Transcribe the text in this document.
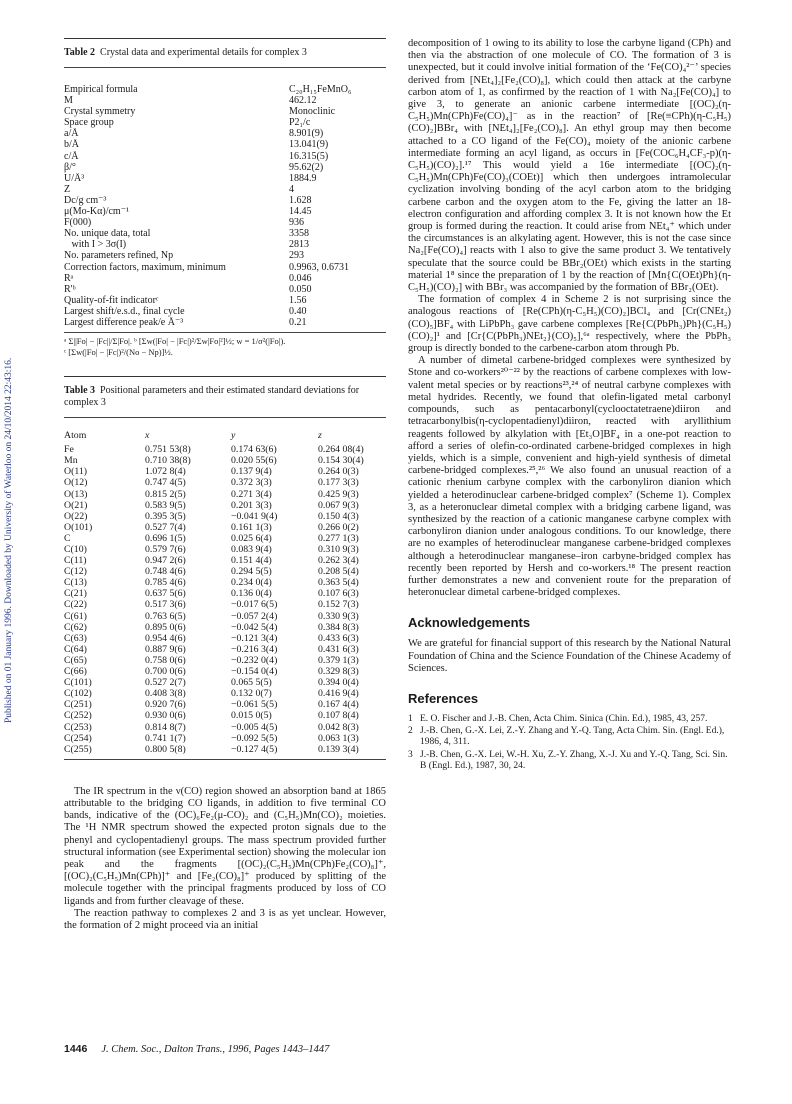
Published on 01 January 1996. Downloaded by University of Waterloo on 24/10/2014 22:43:16.
Table 2 Crystal data and experimental details for complex 3
Empirical formula	C₂₀H₁₅FeMnO₆
M	462.12
Crystal symmetry	Monoclinic
Space group	P2₁/c
a/Å	8.901(9)
b/Å	13.041(9)
c/Å	16.315(5)
β/°	95.62(2)
U/Å³	1884.9
Z	4
Dc/g cm⁻³	1.628
μ(Mo-Kα)/cm⁻¹	14.45
F(000)	936
No. unique data, total	3358
with I > 3σ(I)	2813
No. parameters refined, Np	293
Correction factors, maximum, minimum	0.9963, 0.6731
Rᵃ	0.046
R'ᵇ	0.050
Quality-of-fit indicatorᶜ	1.56
Largest shift/e.s.d., final cycle	0.40
Largest difference peak/e Å⁻³	0.21
ᵃ Σ||Fo| − |Fc||/Σ|Fo|. ᵇ [Σw(|Fo| − |Fc|)²/Σw|Fo|²]½; w = 1/σ²(|Fo|).
ᶜ [Σw(|Fo| − |Fc|)²/(No − Np)]½.
Table 3 Positional parameters and their estimated standard deviations for complex 3
Atom	x	y	z
Fe	0.751 53(8)	0.174 63(6)	0.264 08(4)
Mn	0.710 38(8)	0.020 55(6)	0.154 30(4)
O(11)	1.072 8(4)	0.137 9(4)	0.264 0(3)
O(12)	0.747 4(5)	0.372 3(3)	0.177 3(3)
O(13)	0.815 2(5)	0.271 3(4)	0.425 9(3)
O(21)	0.583 9(5)	0.201 3(3)	0.067 9(3)
O(22)	0.395 3(5)	−0.041 9(4)	0.150 4(3)
O(101)	0.527 7(4)	0.161 1(3)	0.266 0(2)
C	0.696 1(5)	0.025 6(4)	0.277 1(3)
C(10)	0.579 7(6)	0.083 9(4)	0.310 9(3)
C(11)	0.947 2(6)	0.151 4(4)	0.262 3(4)
C(12)	0.748 4(6)	0.294 5(5)	0.208 5(4)
C(13)	0.785 4(6)	0.234 0(4)	0.363 5(4)
C(21)	0.637 5(6)	0.136 0(4)	0.107 6(3)
C(22)	0.517 3(6)	−0.017 6(5)	0.152 7(3)
C(61)	0.763 6(5)	−0.057 2(4)	0.330 9(3)
C(62)	0.895 0(6)	−0.042 5(4)	0.384 8(3)
C(63)	0.954 4(6)	−0.121 3(4)	0.433 6(3)
C(64)	0.887 9(6)	−0.216 3(4)	0.431 6(3)
C(65)	0.758 0(6)	−0.232 0(4)	0.379 1(3)
C(66)	0.700 0(6)	−0.154 0(4)	0.329 8(3)
C(101)	0.527 2(7)	0.065 5(5)	0.394 0(4)
C(102)	0.408 3(8)	0.132 0(7)	0.416 9(4)
C(251)	0.920 7(6)	−0.061 5(5)	0.167 4(4)
C(252)	0.930 0(6)	0.015 0(5)	0.107 8(4)
C(253)	0.814 8(7)	−0.005 4(5)	0.042 8(3)
C(254)	0.741 1(7)	−0.092 5(5)	0.063 1(3)
C(255)	0.800 5(8)	−0.127 4(5)	0.139 3(4)

The IR spectrum in the ν(CO) region showed an absorption band at 1865 attributable to the bridging CO ligands, in addition to five terminal CO bands, indicative of the (OC)₆Fe₂(μ-CO)₂ and (C₅H₅)Mn(CO)₂ moieties. The ¹H NMR spectrum showed the expected proton signals due to the phenyl and cyclopentadienyl groups. The mass spectrum provided further structural information (see Experimental section) showing the molecular ion peak and the fragments [(OC)₂(C₅H₅)Mn(CPh)Fe₂(CO)₈]⁺, [(OC)₂(C₅H₅)Mn(CPh)]⁺ and [Fe₂(CO)₈]⁺ produced by splitting of the molecule together with the principal fragments produced by loss of CO ligands and from further cleavage of these.

The reaction pathway to complexes 2 and 3 is as yet unclear. However, the formation of 2 might proceed via an initial

decomposition of 1 owing to its ability to lose the carbyne ligand (CPh) and then via the abstraction of one molecule of CO. The formation of 3 is unexpected, but it could involve initial formation of the ‘Fe(CO)₄²⁻’ species derived from [NEt₄]₂[Fe₂(CO)₈], which could then attack at the carbyne carbon atom of 1, as confirmed by the reaction of 1 with Na₂[Fe(CO)₄] to give 3, to generate an anionic carbene intermediate [(OC)₂(η-C₅H₅)Mn(CPh)Fe(CO)₄]⁻ as in the reaction⁷ of [Re(≡CPh)(η-C₅H₅)(CO)₂]BBr₄ with [NEt₄]₂[Fe₂(CO)₈]. An ethyl group may then become attached to a CO ligand of the Fe(CO)₄ moiety of the anionic carbene intermediate forming an acyl ligand, as occurs in [Fe(COC₆H₄CF₃-p)(η-C₅H₅)(CO)₂].¹⁷ This would yield a 16e intermediate [(OC)₂(η-C₅H₅)Mn(CPh)Fe(CO)₃(COEt)] which then undergoes intramolecular cyclization involving bonding of the acyl carbon atom to the bridging carbene carbon and the oxygen atom to the Fe, giving the latter an 18-electron configuration and affording complex 3. It is not known how the Et group is formed during the reaction. It could arise from NEt₄⁺ which under the circumstances is an alkylating agent. However, this is not the case since Na₂[Fe(CO)₄] reacts with 1 also to give the same product 3. We tentatively speculate that the source could be BBr₂(OEt) which exists in the starting material 1⁸ since the preparation of 1 by the reaction of [Mn{C(OEt)Ph}(η-C₅H₅)(CO)₂] with BBr₃ was accompanied by the formation of BBr₂(OEt).

The formation of complex 4 in Scheme 2 is not surprising since the analogous reactions of [Re(CPh)(η-C₅H₅)(CO)₂]BCl₄ and [Cr(CNEt₂)(CO)₅]BF₄ with LiPbPh₃ gave carbene complexes [Re{C(PbPh₃)Ph}(C₅H₅)(CO)₂]¹ and [Cr{C(PbPh₃)NEt₂}(CO)₅],⁶ᵃ respectively, where the PbPh₃ group is directly bonded to the carbene-carbon atom through Pb.

A number of dimetal carbene-bridged complexes were synthesized by Stone and co-workers²⁰⁻²² by the reactions of carbene complexes with low-valent metal species or by reactions²³,²⁴ of neutral carbyne complexes with metal hydrides. Recently, we found that olefin-ligated metal carbonyl compounds, such as pentacarbonyl(cyclooctatetraene)diiron and tetracarbonylbis(η-cyclopentadienyl)diiron, reacted with aryllithium reagents followed by alkylation with [Et₃O]BF₄ in a one-pot reaction to afford a series of olefin-co-ordinated carbene-bridged complexes in high yields, which is a simple, convenient and high-yield synthesis of dimetal carbene-bridged complexes.²⁵,²⁶ We also found an unusual reaction of a cationic rhenium carbyne complex with the carbonyliron dianion which yielded a heterodinuclear carbene-bridged complex⁷ (Scheme 1). Complex 3, as a heteronuclear dimetal complex with a bridging carbene ligand, was synthesized by the reaction of a cationic manganese carbyne complex with carbonyliron dianion under analogous conditions. To our knowledge, there are no examples of heterodinuclear manganese carbene-bridged complexes although a heterodinuclear manganese–iron carbyne-bridged complex has recently been reported by Hersh and co-workers.¹⁸ The present reaction further demonstrates a new and convenient route for the preparation of heteronuclear dimetal carbene-bridged complexes.

Acknowledgements

We are grateful for financial support of this research by the National Natural Foundation of China and the Science Foundation of the Chinese Academy of Sciences.

References
1 E. O. Fischer and J.-B. Chen, Acta Chim. Sinica (Chin. Ed.), 1985, 43, 257.
2 J.-B. Chen, G.-X. Lei, Z.-Y. Zhang and Y.-Q. Tang, Acta Chim. Sin. (Engl. Ed.), 1986, 4, 311.
3 J.-B. Chen, G.-X. Lei, W.-H. Xu, Z.-Y. Zhang, X.-J. Xu and Y.-Q. Tang, Sci. Sin. B (Engl. Ed.), 1987, 30, 24.
1446 J. Chem. Soc., Dalton Trans., 1996, Pages 1443–1447
